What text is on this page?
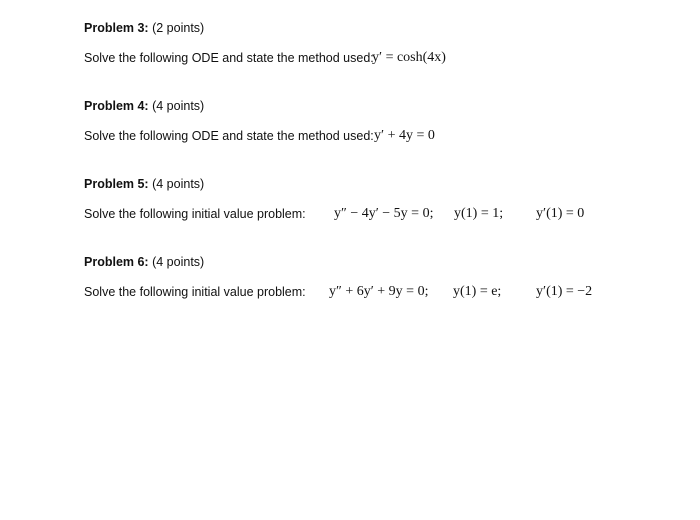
Problem 3: (2 points)
Solve the following ODE and state the method used:
y′ = cosh(4x)
Problem 4: (4 points)
Solve the following ODE and state the method used: y′ + 4y = 0
Problem 5: (4 points)
Solve the following initial value problem: y″ − 4y′ − 5y = 0; y(1) = 1; y′(1) = 0
Problem 6: (4 points)
Solve the following initial value problem: y″ + 6y′ + 9y = 0; y(1) = e; y′(1) = −2
